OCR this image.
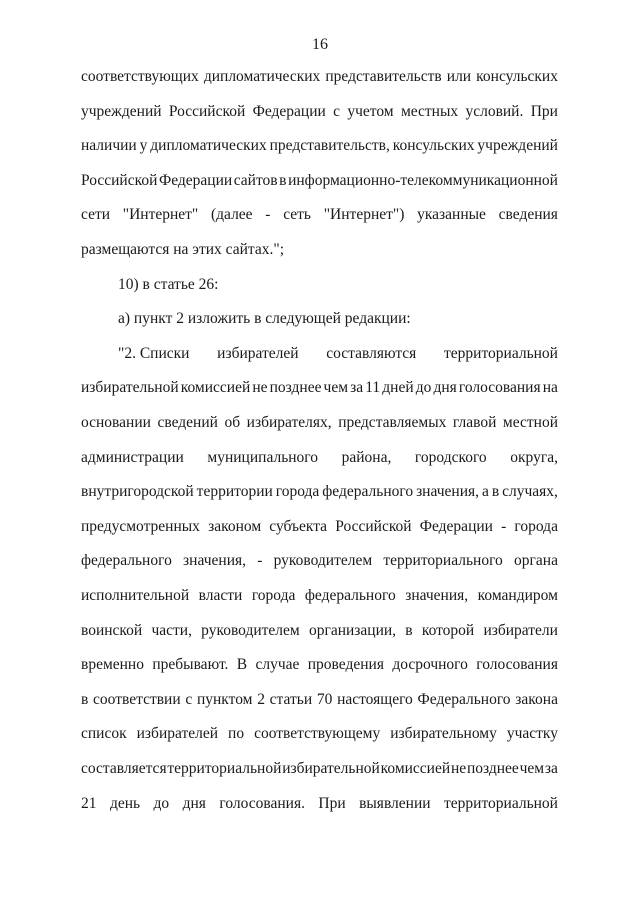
16
соответствующих дипломатических представительств или консульских
учреждений Российской Федерации с учетом местных условий. При
наличии у дипломатических представительств, консульских учреждений
Российской Федерации сайтов в информационно-телекоммуникационной
сети "Интернет" (далее - сеть "Интернет") указанные сведения
размещаются на этих сайтах.";
10) в статье 26:
а) пункт 2 изложить в следующей редакции:
"2. Списки избирателей составляются территориальной
избирательной комиссией не позднее чем за 11 дней до дня голосования на
основании сведений об избирателях, представляемых главой местной
администрации муниципального района, городского округа,
внутригородской территории города федерального значения, а в случаях,
предусмотренных законом субъекта Российской Федерации - города
федерального значения, - руководителем территориального органа
исполнительной власти города федерального значения, командиром
воинской части, руководителем организации, в которой избиратели
временно пребывают. В случае проведения досрочного голосования
в соответствии с пунктом 2 статьи 70 настоящего Федерального закона
список избирателей по соответствующему избирательному участку
составляется территориальной избирательной комиссией не позднее чем за
21 день до дня голосования. При выявлении территориальной
